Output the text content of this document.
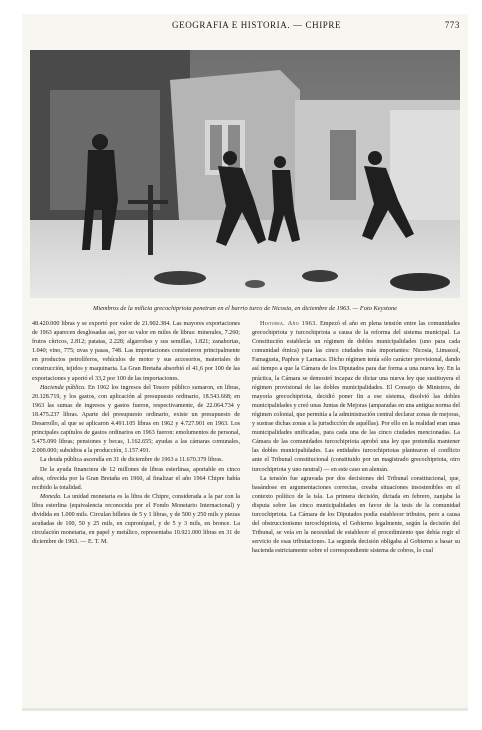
GEOGRAFIA E HISTORIA. — CHIPRE	773
Miembros de la milicia grecochipriota penetran en el barrio turco de Nicosia, en diciembre de 1963. — Foto Keystone

48.420.000 libras y se exportó por valor de 21.902.384. Las mayores exportaciones de 1963 aparecen desglosadas así, por su valor en miles de libras: minerales, 7.260; frutos cítricos, 2.812; patatas, 2.228; algarrobas y sus semillas, 1.821; zanahorias, 1.040; vino, 775; uvas y pasas, 748. Las importaciones consistieron principalmente en productos petrolíferos, vehículos de motor y sus accesorios, materiales de construcción, tejidos y maquinaria. La Gran Bretaña absorbió el 41,6 por 100 de las exportaciones y aportó el 33,2 por 100 de las importaciones.

Hacienda pública. En 1962 los ingresos del Tesoro público sumaron, en libras, 20.128.719, y los gastos, con aplicación al presupuesto ordinario, 18.543.668; en 1963 las sumas de ingresos y gastos fueron, respectivamente, de 22.064.734 y 18.475.237 libras. Aparte del presupuesto ordinario, existe un presupuesto de Desarrollo, al que se aplicaron 4.491.105 libras en 1962 y 4.727.901 en 1963. Los principales capítulos de gastos ordinarios en 1963 fueron: emolumentos de personal, 5.475.090 libras; pensiones y becas, 1.162.655; ayudas a las cámaras comunales, 2.000.000; subsidios a la producción, 1.157.491.

La deuda pública ascendía en 31 de diciembre de 1963 a 11.670.379 libras.

De la ayuda financiera de 12 millones de libras esterlinas, aportable en cinco años, ofrecida por la Gran Bretaña en 1960, al finalizar el año 1964 Chipre había recibido la totalidad.

Moneda. La unidad monetaria es la libra de Chipre, considerada a la par con la libra esterlina (equivalencia reconocida por el Fondo Monetario Internacional) y dividida en 1.000 mils. Circulan billetes de 5 y 1 libras, y de 500 y 250 mils y piezas acuñadas de 100, 50 y 25 mils, en cuproníquel, y de 5 y 3 mils, en bronce. La circulación monetaria, en papel y metálico, representaba 10.921.000 libras en 31 de diciembre de 1963. — E. T. M.

Historia. Año 1963. Empezó el año en plena tensión entre las comunidades grecochipriota y turcochipriota a causa de la reforma del sistema municipal. La Constitución establecía un régimen de dobles municipalidades (uno para cada comunidad étnica) para las cinco ciudades más importantes: Nicosia, Limassol, Famagusta, Paphos y Larnaca. Dicho régimen tenía sólo carácter provisional, dando así tiempo a que la Cámara de los Diputados para dar forma a una nueva ley. En la práctica, la Cámara se demostró incapaz de dictar una nueva ley que sustituyera el régimen provisional de las dobles municipalidades. El Consejo de Ministros, de mayoría grecochipriota, decidió poner fin a ese sistema, disolvió las dobles municipalidades y creó unas Juntas de Mejoras (amparadas en una antigua norma del régimen colonial, que permitía a la administración central declarar zonas de mejoras, y sustrae dichas zonas a la jurisdicción de aquéllas). Por ello en la realidad eran unas municipalidades unificadas, para cada una de las cinco ciudades mencionadas. La Cámara de las comunidades turcochipriota aprobó una ley que pretendía mantener las dobles municipalidades. Las entidades turcochipriotas plantearon el conflicto ante el Tribunal constitucional (constituido por un magistrado grecochipriota, otro turcochipriota y uno neutral) — en este caso un alemán.

La tensión fue agravada por dos decisiones del Tribunal constitucional, que, basándose en argumentaciones correctas, creaba situaciones insostenibles en el contexto político de la isla. La primera decisión, dictada en febrero, zanjaba la disputa sobre las cinco municipalidades en favor de la tesis de la comunidad turcochipriota. La Cámara de los Diputados podía establecer tributos, pero a causa del obstruccionismo turcochipriota, el Gobierno legalmente, según la decisión del Tribunal, se veía en la necesidad de establecer el procedimiento que debía regir el servicio de esas tributaciones. La segunda decisión obligaba al Gobierno a basar su hacienda estrictamente sobre el correspondiente sistema de cobros, lo cual
